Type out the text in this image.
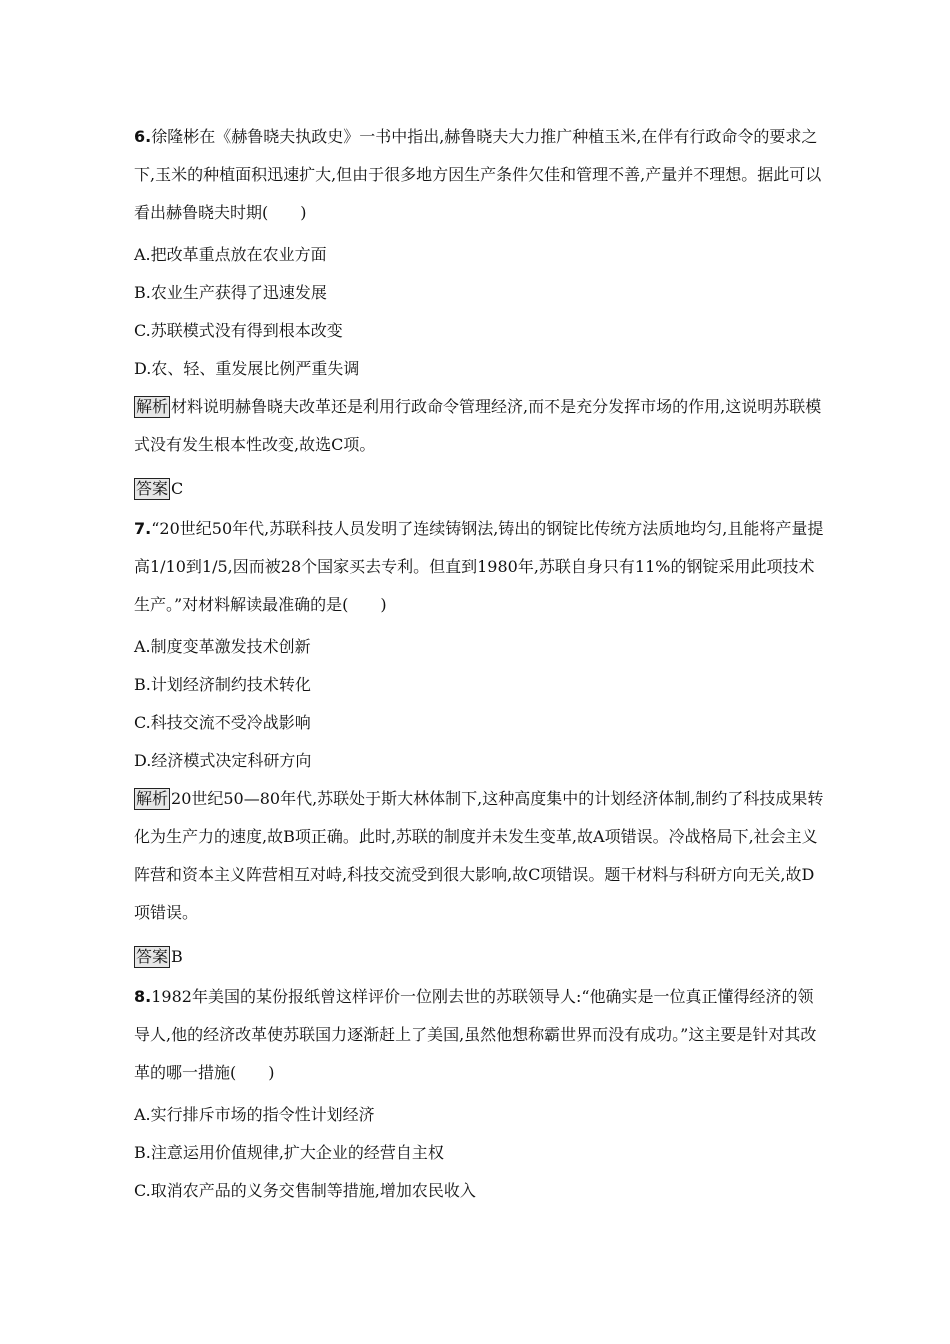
6.徐隆彬在《赫鲁晓夫执政史》一书中指出,赫鲁晓夫大力推广种植玉米,在伴有行政命令的要求之下,玉米的种植面积迅速扩大,但由于很多地方因生产条件欠佳和管理不善,产量并不理想。据此可以看出赫鲁晓夫时期(　　)

A.把改革重点放在农业方面

B.农业生产获得了迅速发展

C.苏联模式没有得到根本改变

D.农、轻、重发展比例严重失调

解析 材料说明赫鲁晓夫改革还是利用行政命令管理经济,而不是充分发挥市场的作用,这说明苏联模式没有发生根本性改变,故选C项。

答案 C

7.“20世纪50年代,苏联科技人员发明了连续铸钢法,铸出的钢锭比传统方法质地均匀,且能将产量提高1/10到1/5,因而被28个国家买去专利。但直到1980年,苏联自身只有11%的钢锭采用此项技术生产。”对材料解读最准确的是(　　)

A.制度变革激发技术创新

B.计划经济制约技术转化

C.科技交流不受冷战影响

D.经济模式决定科研方向

解析 20世纪50—80年代,苏联处于斯大林体制下,这种高度集中的计划经济体制,制约了科技成果转化为生产力的速度,故B项正确。此时,苏联的制度并未发生变革,故A项错误。冷战格局下,社会主义阵营和资本主义阵营相互对峙,科技交流受到很大影响,故C项错误。题干材料与科研方向无关,故D项错误。

答案 B

8.1982年美国的某份报纸曾这样评价一位刚去世的苏联领导人:“他确实是一位真正懂得经济的领导人,他的经济改革使苏联国力逐渐赶上了美国,虽然他想称霸世界而没有成功。”这主要是针对其改革的哪一措施(　　)

A.实行排斥市场的指令性计划经济

B.注意运用价值规律,扩大企业的经营自主权

C.取消农产品的义务交售制等措施,增加农民收入
